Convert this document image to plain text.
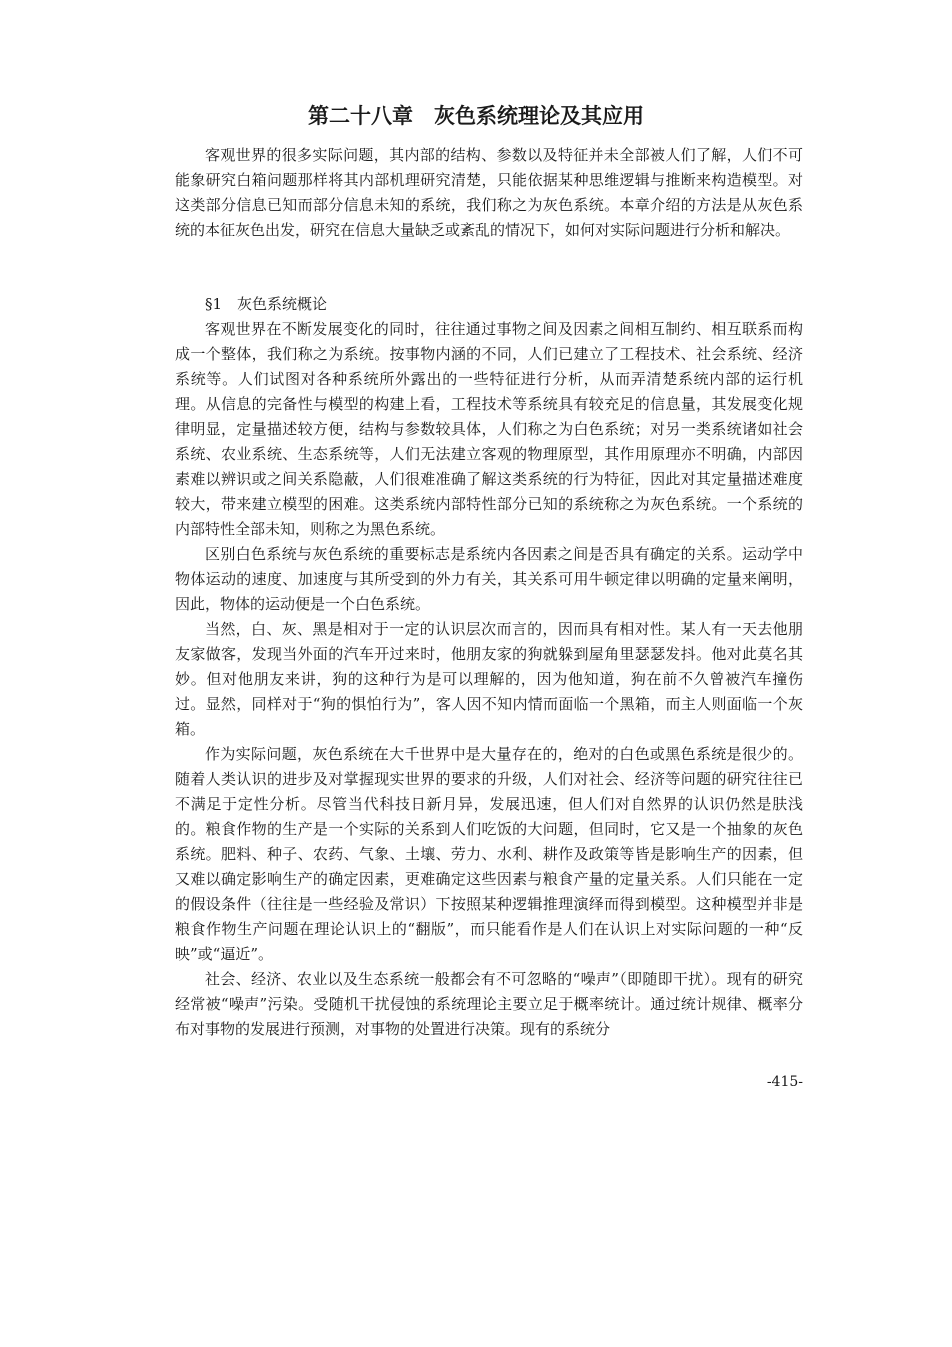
第二十八章　灰色系统理论及其应用

客观世界的很多实际问题，其内部的结构、参数以及特征并未全部被人们了解，人们不可能象研究白箱问题那样将其内部机理研究清楚，只能依据某种思维逻辑与推断来构造模型。对这类部分信息已知而部分信息未知的系统，我们称之为灰色系统。本章介绍的方法是从灰色系统的本征灰色出发，研究在信息大量缺乏或紊乱的情况下，如何对实际问题进行分析和解决。

§1　灰色系统概论

客观世界在不断发展变化的同时，往往通过事物之间及因素之间相互制约、相互联系而构成一个整体，我们称之为系统。按事物内涵的不同，人们已建立了工程技术、社会系统、经济系统等。人们试图对各种系统所外露出的一些特征进行分析，从而弄清楚系统内部的运行机理。从信息的完备性与模型的构建上看，工程技术等系统具有较充足的信息量，其发展变化规律明显，定量描述较方便，结构与参数较具体，人们称之为白色系统；对另一类系统诸如社会系统、农业系统、生态系统等，人们无法建立客观的物理原型，其作用原理亦不明确，内部因素难以辨识或之间关系隐蔽，人们很难准确了解这类系统的行为特征，因此对其定量描述难度较大，带来建立模型的困难。这类系统内部特性部分已知的系统称之为灰色系统。一个系统的内部特性全部未知，则称之为黑色系统。

区别白色系统与灰色系统的重要标志是系统内各因素之间是否具有确定的关系。运动学中物体运动的速度、加速度与其所受到的外力有关，其关系可用牛顿定律以明确的定量来阐明，因此，物体的运动便是一个白色系统。

当然，白、灰、黑是相对于一定的认识层次而言的，因而具有相对性。某人有一天去他朋友家做客，发现当外面的汽车开过来时，他朋友家的狗就躲到屋角里瑟瑟发抖。他对此莫名其妙。但对他朋友来讲，狗的这种行为是可以理解的，因为他知道，狗在前不久曾被汽车撞伤过。显然，同样对于“狗的惧怕行为”，客人因不知内情而面临一个黑箱，而主人则面临一个灰箱。

作为实际问题，灰色系统在大千世界中是大量存在的，绝对的白色或黑色系统是很少的。随着人类认识的进步及对掌握现实世界的要求的升级，人们对社会、经济等问题的研究往往已不满足于定性分析。尽管当代科技日新月异，发展迅速，但人们对自然界的认识仍然是肤浅的。粮食作物的生产是一个实际的关系到人们吃饭的大问题，但同时，它又是一个抽象的灰色系统。肥料、种子、农药、气象、土壤、劳力、水利、耕作及政策等皆是影响生产的因素，但又难以确定影响生产的确定因素，更难确定这些因素与粮食产量的定量关系。人们只能在一定的假设条件（往往是一些经验及常识）下按照某种逻辑推理演绎而得到模型。这种模型并非是粮食作物生产问题在理论认识上的“翻版”，而只能看作是人们在认识上对实际问题的一种“反映”或“逼近”。

社会、经济、农业以及生态系统一般都会有不可忽略的“噪声”（即随即干扰）。现有的研究经常被“噪声”污染。受随机干扰侵蚀的系统理论主要立足于概率统计。通过统计规律、概率分布对事物的发展进行预测，对事物的处置进行决策。现有的系统分

-415-
